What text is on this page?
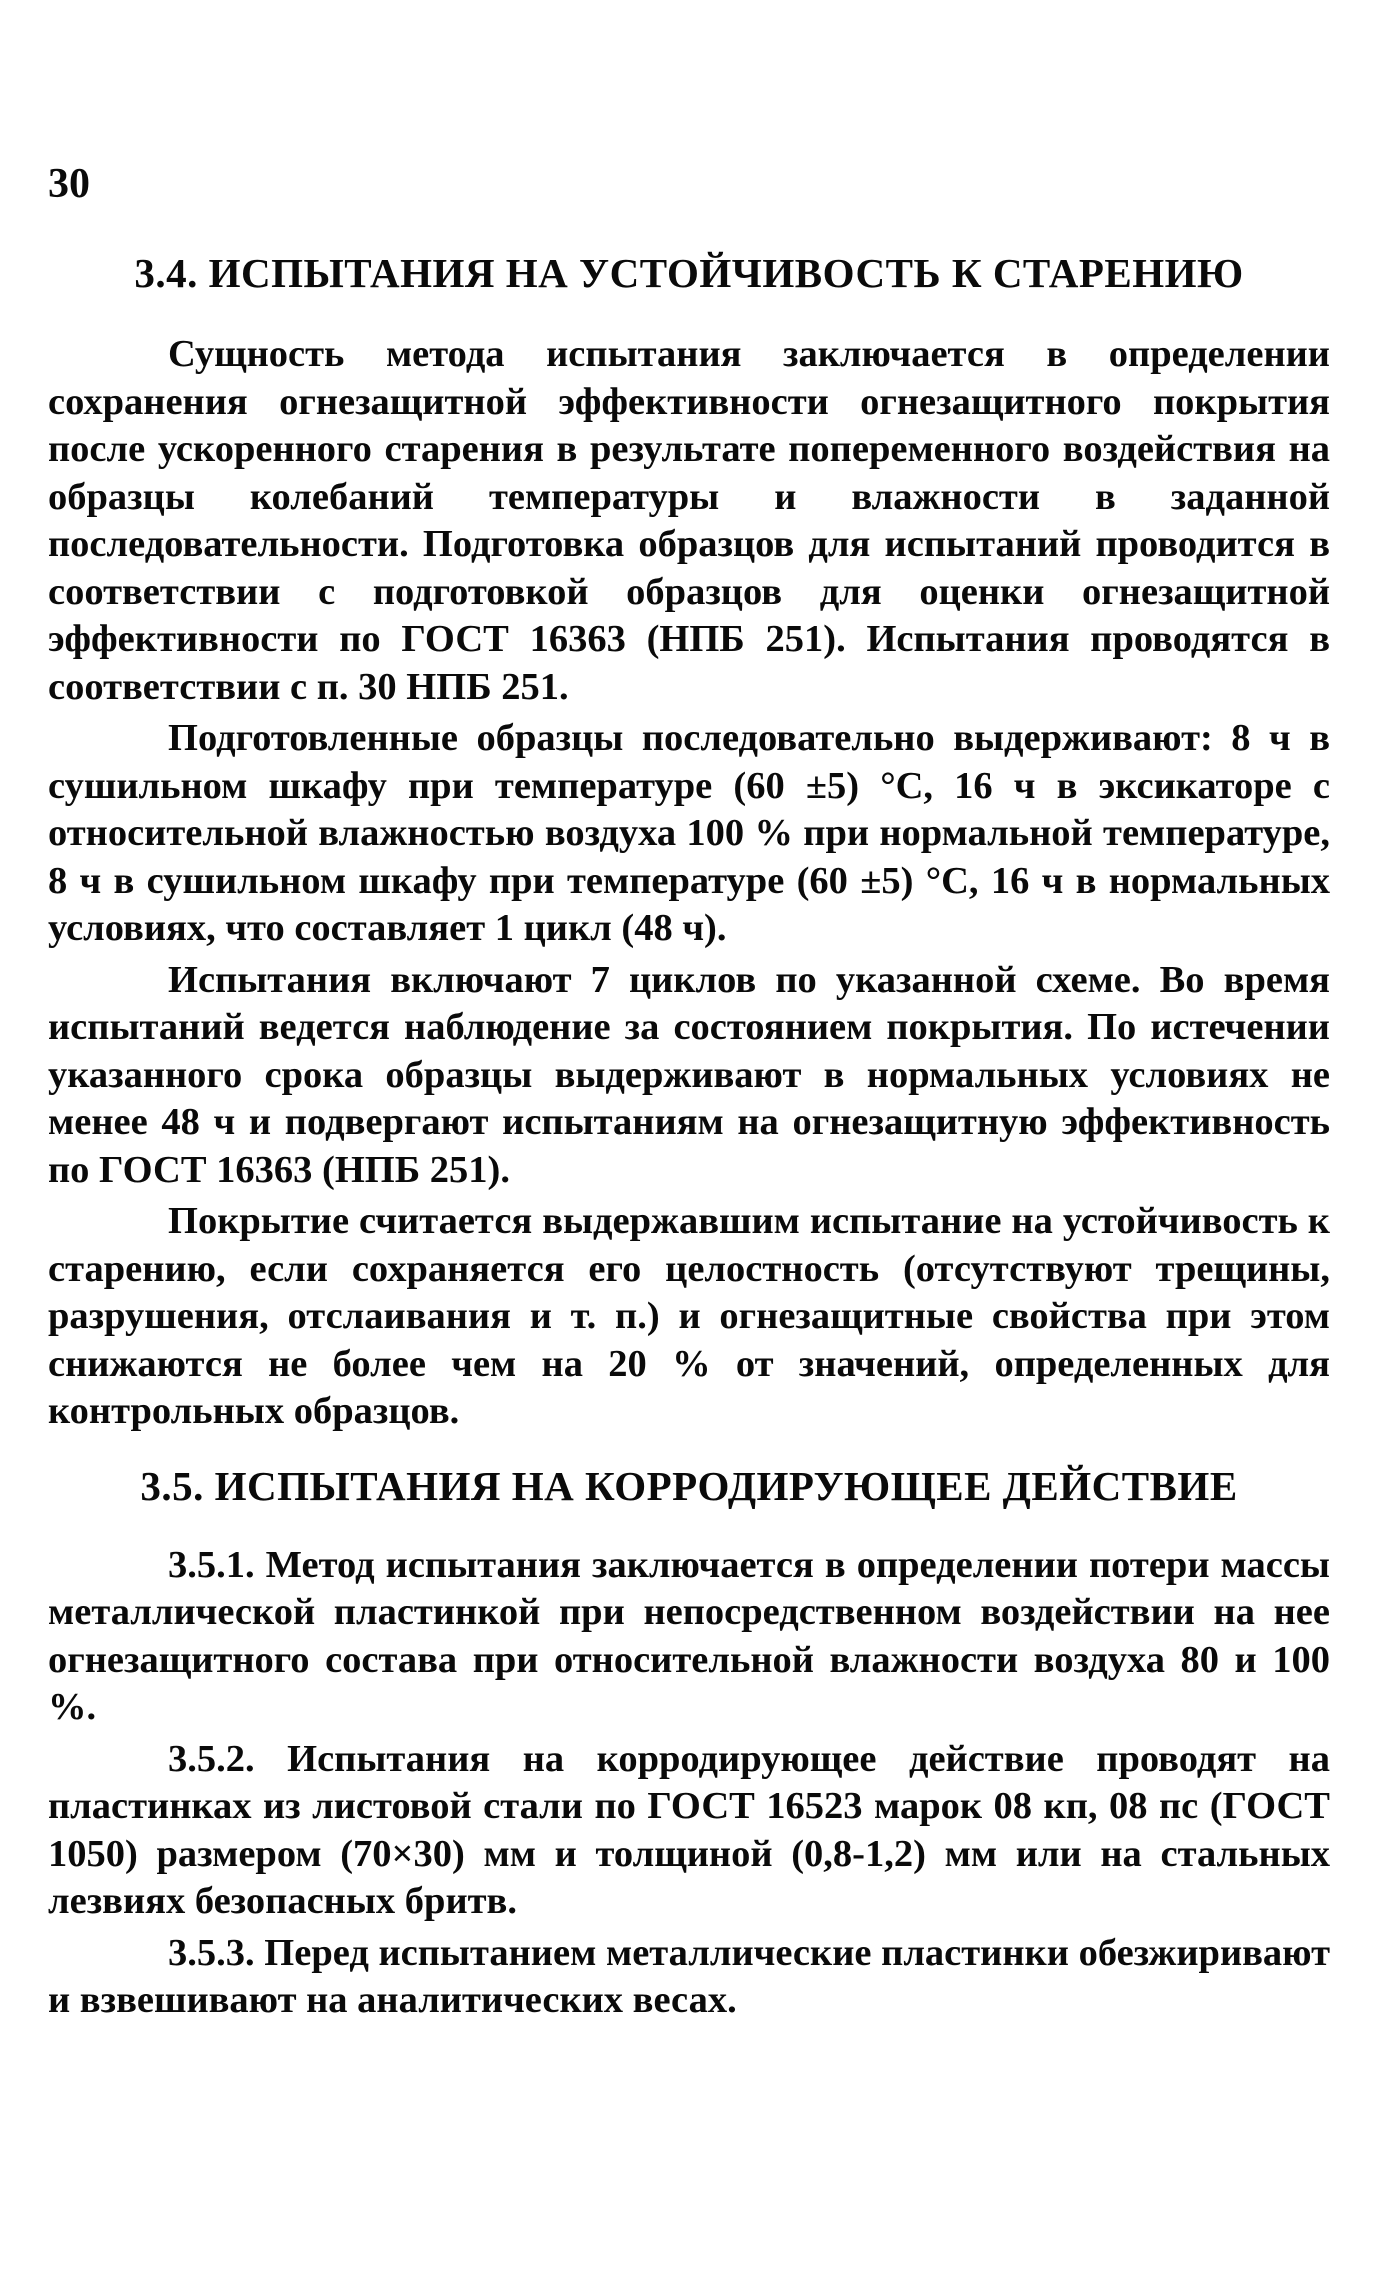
30
3.4. ИСПЫТАНИЯ НА УСТОЙЧИВОСТЬ К СТАРЕНИЮ

Сущность метода испытания заключается в определении сохранения огнезащитной эффективности огнезащитного покрытия после ускоренного старения в результате попеременного воздействия на образцы колебаний температуры и влажности в заданной последовательности. Подготовка образцов для испытаний проводится в соответствии с подготовкой образцов для оценки огнезащитной эффективности по ГОСТ 16363 (НПБ 251). Испытания проводятся в соответствии с п. 30 НПБ 251.

Подготовленные образцы последовательно выдерживают: 8 ч в сушильном шкафу при температуре (60 ±5) °С, 16 ч в эксикаторе с относительной влажностью воздуха 100 % при нормальной температуре, 8 ч в сушильном шкафу при температуре (60 ±5) °С, 16 ч в нормальных условиях, что составляет 1 цикл (48 ч).

Испытания включают 7 циклов по указанной схеме. Во время испытаний ведется наблюдение за состоянием покрытия. По истечении указанного срока образцы выдерживают в нормальных условиях не менее 48 ч и подвергают испытаниям на огнезащитную эффективность по ГОСТ 16363 (НПБ 251).

Покрытие считается выдержавшим испытание на устойчивость к старению, если сохраняется его целостность (отсутствуют трещины, разрушения, отслаивания и т. п.) и огнезащитные свойства при этом снижаются не более чем на 20 % от значений, определенных для контрольных образцов.

3.5. ИСПЫТАНИЯ НА КОРРОДИРУЮЩЕЕ ДЕЙСТВИЕ

3.5.1. Метод испытания заключается в определении потери массы металлической пластинкой при непосредственном воздействии на нее огнезащитного состава при относительной влажности воздуха 80 и 100 %.

3.5.2. Испытания на корродирующее действие проводят на пластинках из листовой стали по ГОСТ 16523 марок 08 кп, 08 пс (ГОСТ 1050) размером (70×30) мм и толщиной (0,8-1,2) мм или на стальных лезвиях безопасных бритв.

3.5.3. Перед испытанием металлические пластинки обезжиривают и взвешивают на аналитических весах.
